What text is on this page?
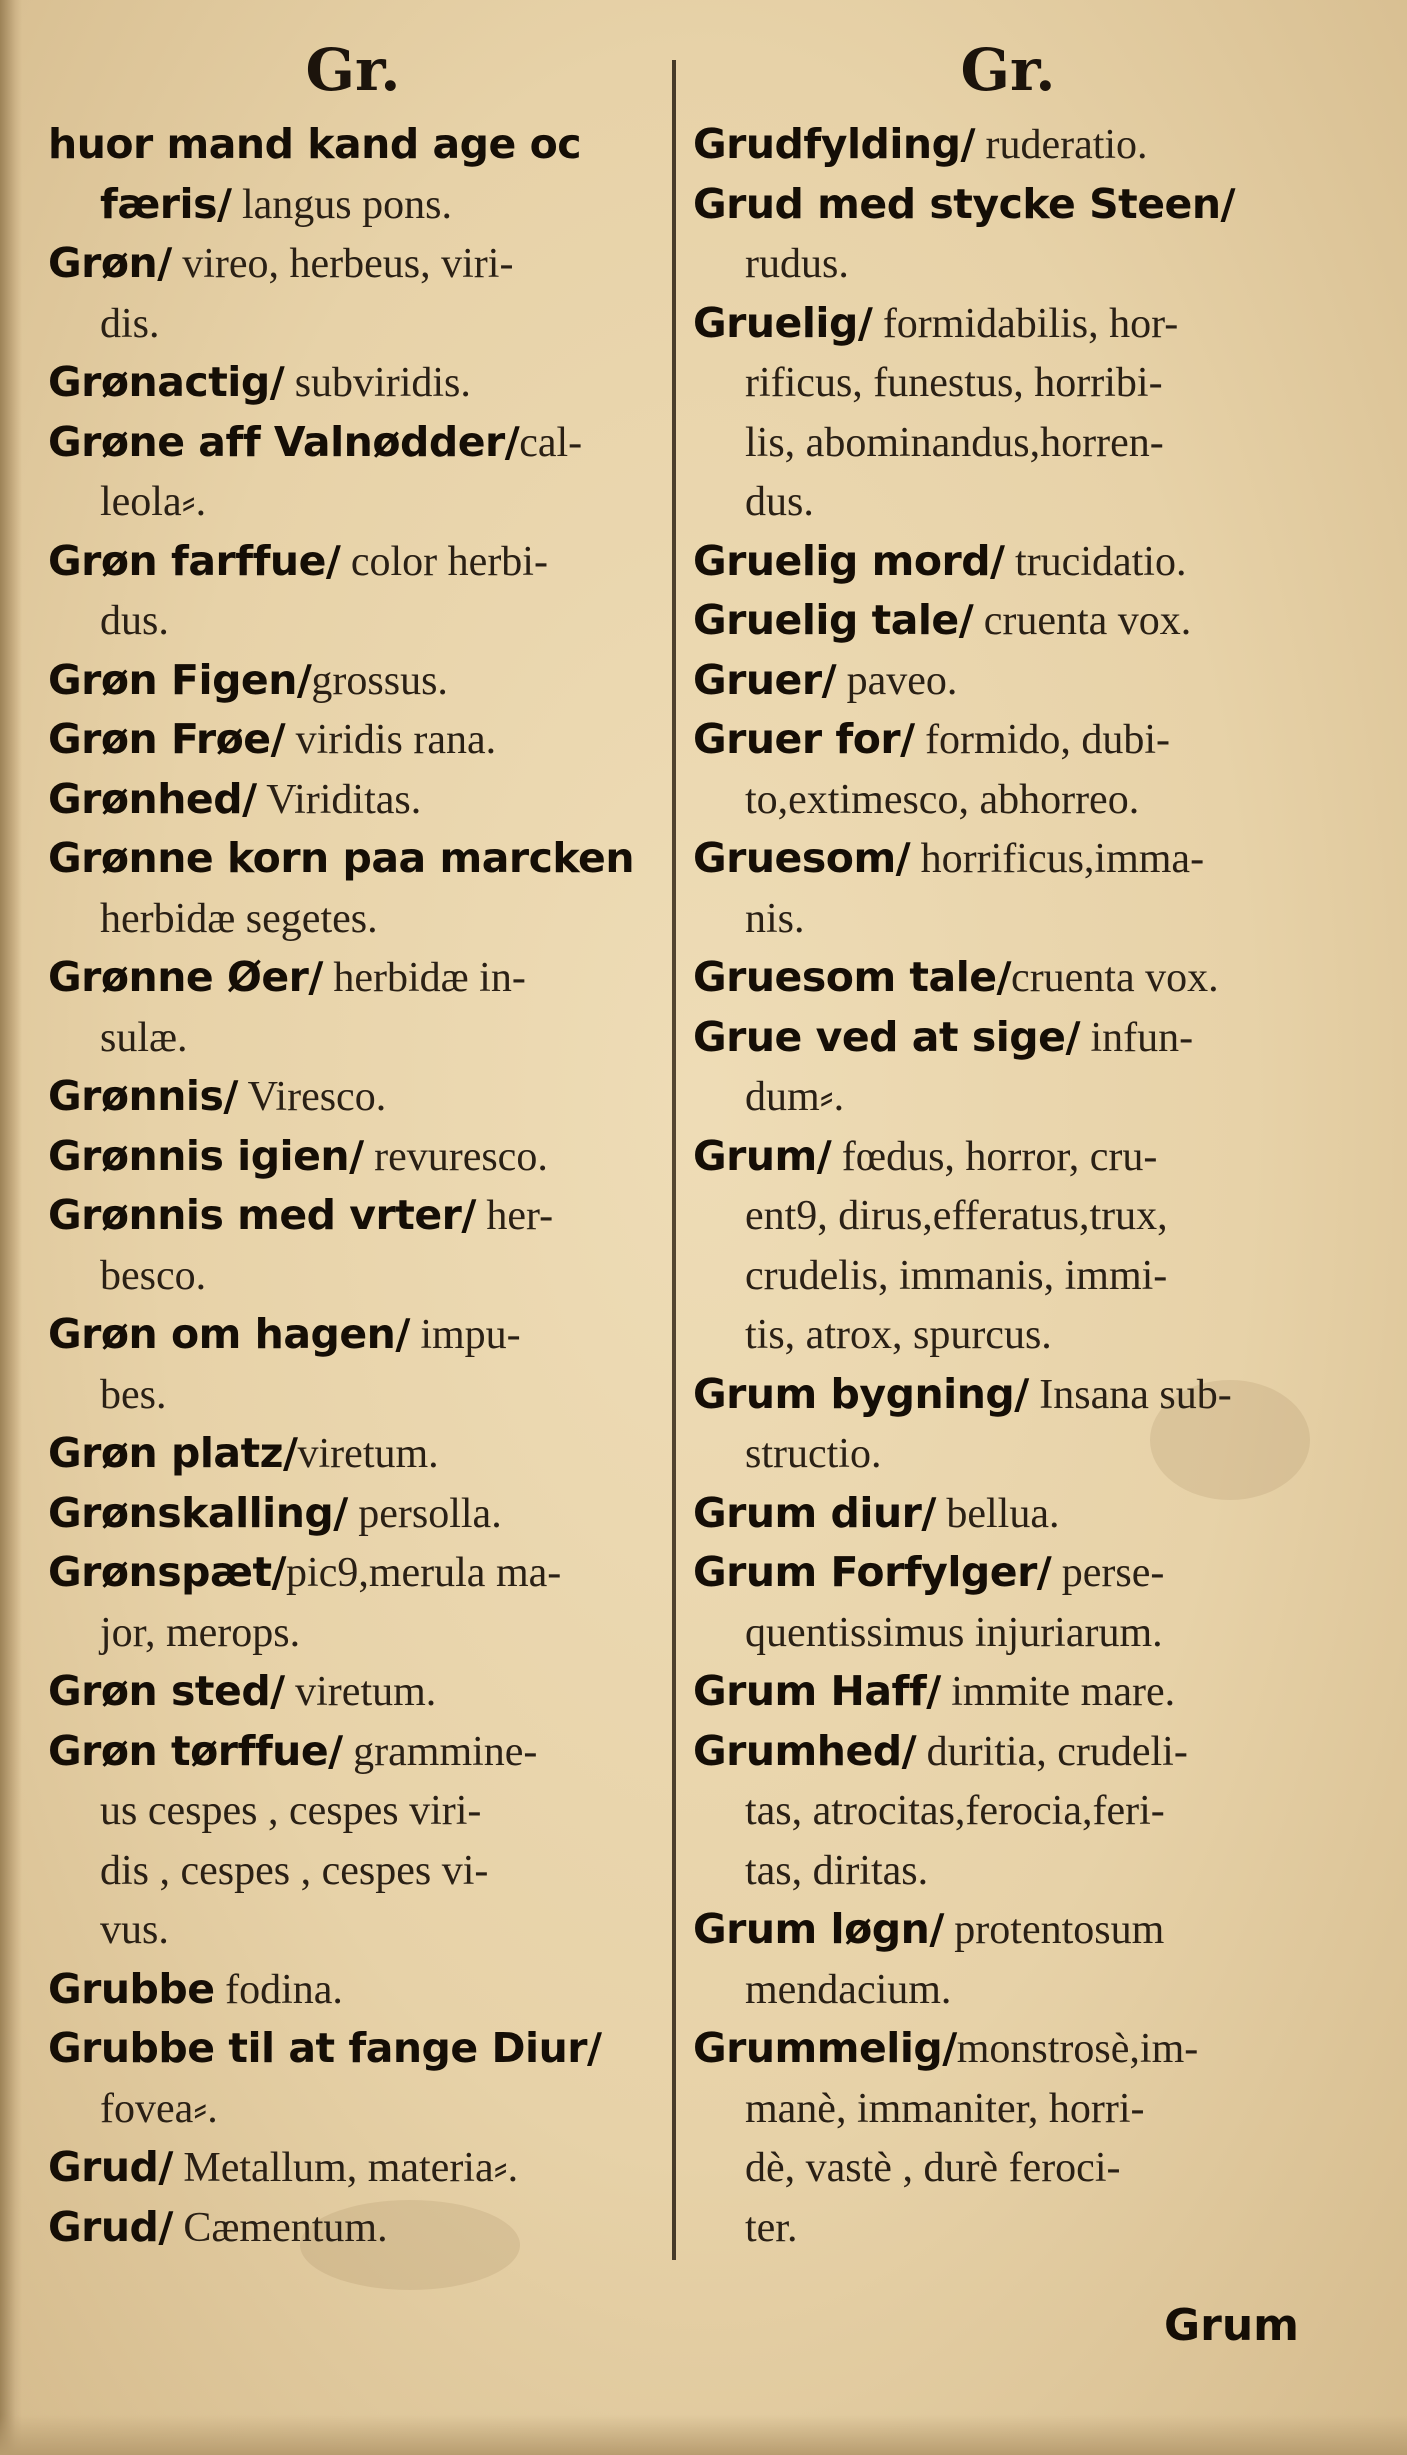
Gr.
huor mand kand age oc
færis/ langus pons.
Grøn/ vireo, herbeus, viri-
dis.
Grønactig/ subviridis.
Grøne aff Valnødder/cal-
leola⸗.
Grøn farffue/ color herbi-
dus.
Grøn Figen/grossus.
Grøn Frøe/ viridis rana.
Grønhed/ Viriditas.
Grønne korn paa marcken
herbidæ segetes.
Grønne Øer/ herbidæ in-
sulæ.
Grønnis/ Viresco.
Grønnis igien/ revuresco.
Grønnis med vrter/ her-
besco.
Grøn om hagen/ impu-
bes.
Grøn platz/viretum.
Grønskalling/ persolla.
Grønspæt/pic9,merula ma-
jor, merops.
Grøn sted/ viretum.
Grøn tørffue/ grammine-
us cespes , cespes viri-
dis , cespes , cespes vi-
vus.
Grubbe fodina.
Grubbe til at fange Diur/
fovea⸗.
Grud/ Metallum, materia⸗.
Grud/ Cæmentum.
Gr.
Grudfylding/ ruderatio.
Grud med stycke Steen/
rudus.
Gruelig/ formidabilis, hor-
rificus, funestus, horribi-
lis, abominandus,horren-
dus.
Gruelig mord/ trucidatio.
Gruelig tale/ cruenta vox.
Gruer/ paveo.
Gruer for/ formido, dubi-
to,extimesco, abhorreo.
Gruesom/ horrificus,imma-
nis.
Gruesom tale/cruenta vox.
Grue ved at sige/ infun-
dum⸗.
Grum/ fœdus, horror, cru-
ent9, dirus,efferatus,trux,
crudelis, immanis, immi-
tis, atrox, spurcus.
Grum bygning/ Insana sub-
structio.
Grum diur/ bellua.
Grum Forfylger/ perse-
quentissimus injuriarum.
Grum Haff/ immite mare.
Grumhed/ duritia, crudeli-
tas, atrocitas,ferocia,feri-
tas, diritas.
Grum løgn/ protentosum
mendacium.
Grummelig/monstrosè,im-
manè, immaniter, horri-
dè, vastè , durè feroci-
ter.
Grum
